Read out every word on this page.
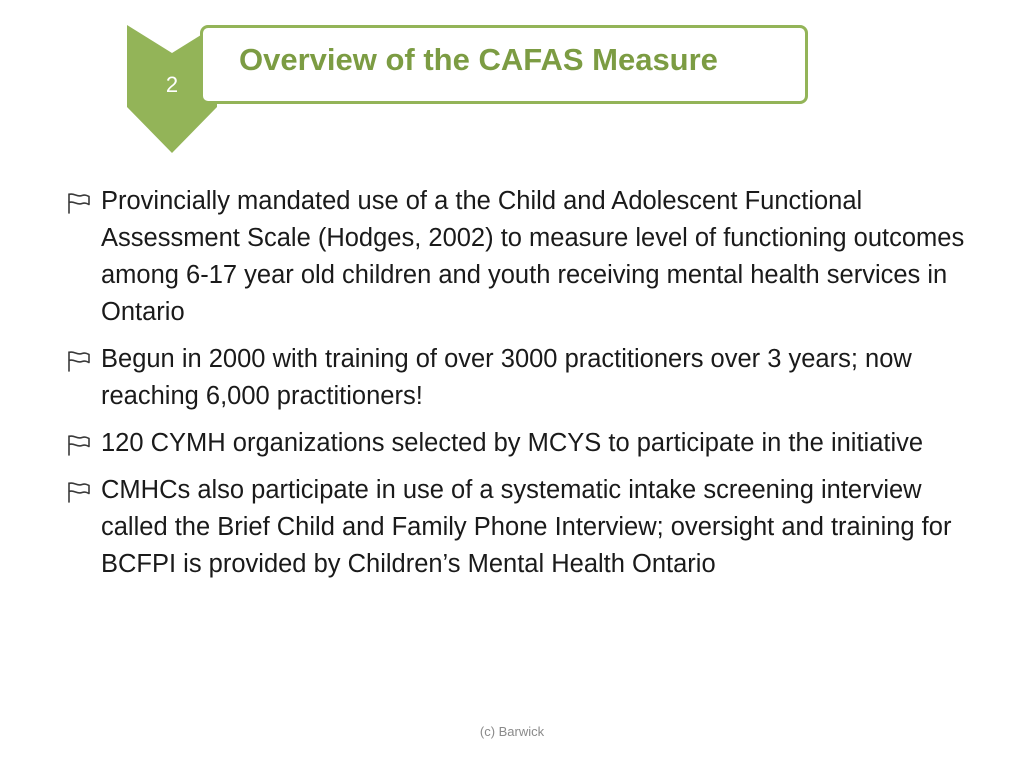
Overview of the CAFAS Measure
2
Provincially mandated use of a the Child and Adolescent Functional Assessment Scale (Hodges, 2002) to measure level of functioning outcomes among 6-17 year old children and youth receiving mental health services in Ontario
Begun in 2000 with training of over 3000 practitioners over 3 years; now reaching 6,000 practitioners!
120 CYMH organizations selected by MCYS to participate in the initiative
CMHCs also participate in use of a systematic intake screening interview called the Brief Child and Family Phone Interview; oversight and training for BCFPI is provided by Children’s Mental Health Ontario
(c) Barwick
